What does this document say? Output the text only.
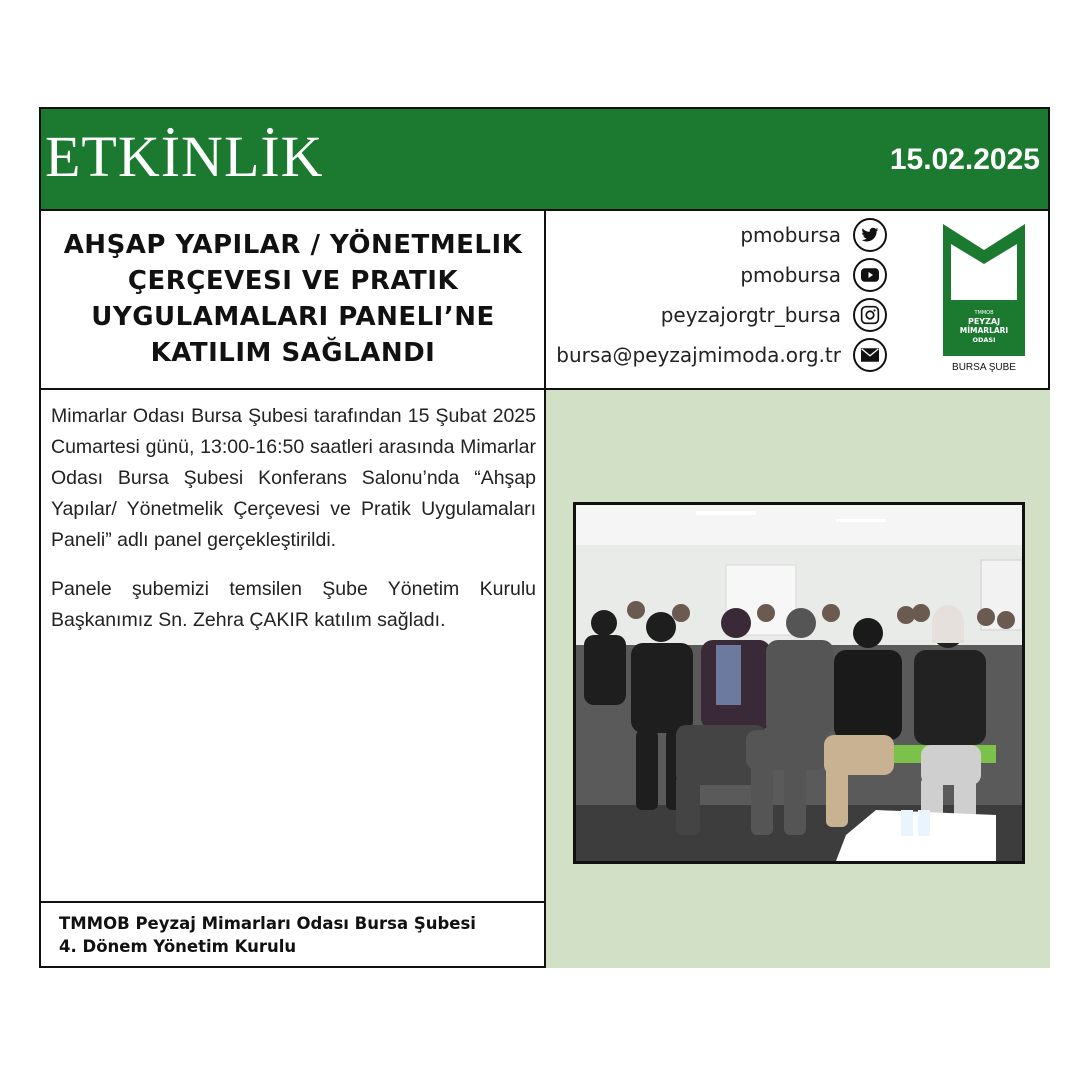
ETKİNLİK	15.02.2025
AHŞAP YAPILAR / YÖNETMELIK ÇERÇEVESI VE PRATIK UYGULAMALARI PANELI’NE KATILIM SAĞLANDI
pmobursa
pmobursa
peyzajorgtr_bursa
bursa@peyzajmimoda.org.tr

Mimarlar Odası Bursa Şubesi tarafından 15 Şubat 2025 Cumartesi günü, 13:00-16:50 saatleri arasında Mimarlar Odası Bursa Şubesi Konferans Salonu’nda “Ahşap Yapılar/ Yönetmelik Çerçevesi ve Pratik Uygulamaları Paneli” adlı panel gerçekleştirildi.

Panele şubemizi temsilen Şube Yönetim Kurulu Başkanımız Sn. Zehra ÇAKIR katılım sağladı.

TMMOB Peyzaj Mimarları Odası Bursa Şubesi
4. Dönem Yönetim Kurulu
TMMOB
PEYZAJ
MİMARLARI
ODASI
BURSA ŞUBE
